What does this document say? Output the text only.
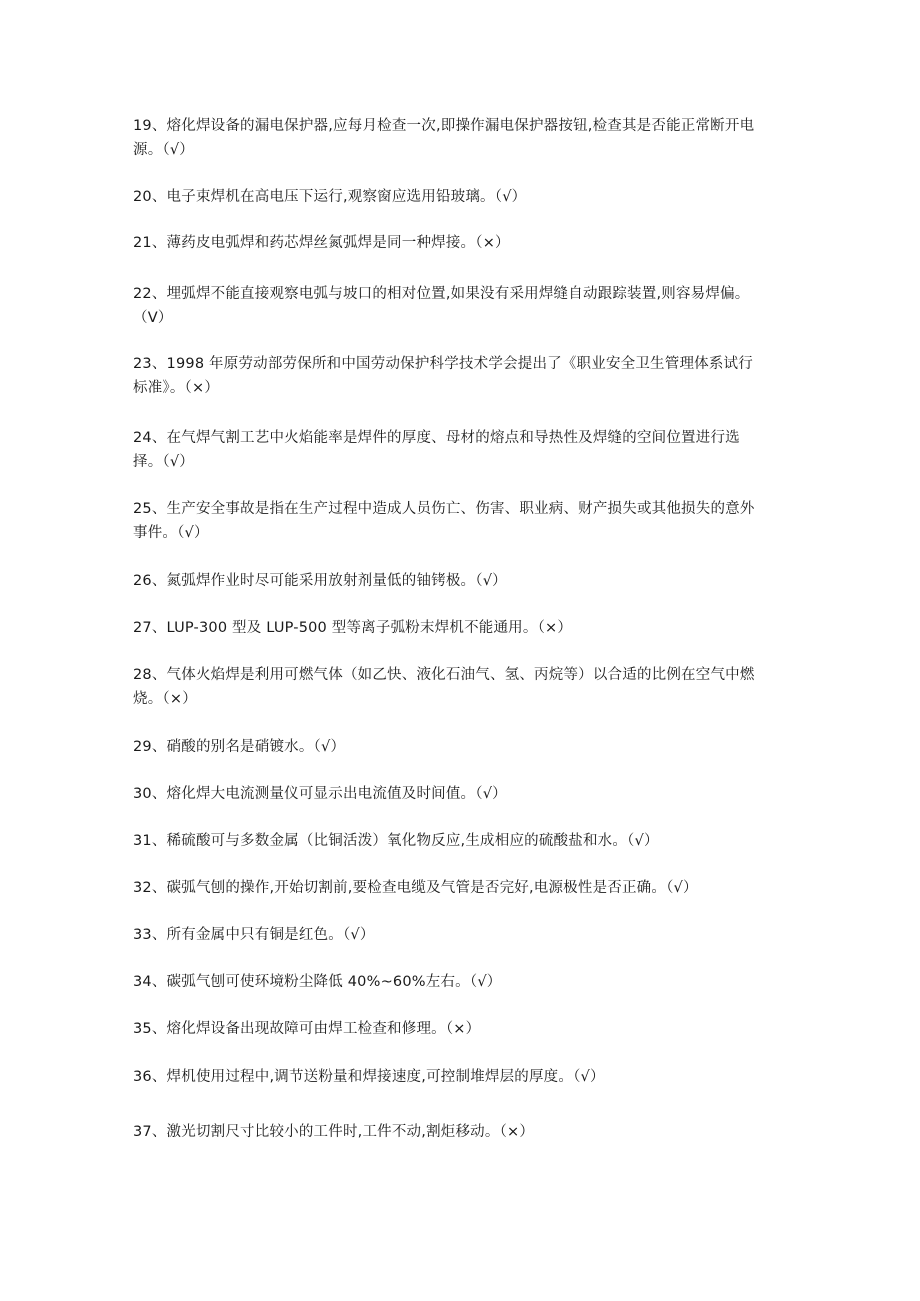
19、熔化焊设备的漏电保护器,应每月检查一次,即操作漏电保护器按钮,检查其是否能正常断开电
源。（√）
20、电子束焊机在高电压下运行,观察窗应选用铅玻璃。（√）
21、薄药皮电弧焊和药芯焊丝氮弧焊是同一种焊接。（×）
22、埋弧焊不能直接观察电弧与坡口的相对位置,如果没有采用焊缝自动跟踪装置,则容易焊偏。
（V）
23、1998 年原劳动部劳保所和中国劳动保护科学技术学会提出了《职业安全卫生管理体系试行
标准》。（×）
24、在气焊气割工艺中火焰能率是焊件的厚度、母材的熔点和导热性及焊缝的空间位置进行选
择。（√）
25、生产安全事故是指在生产过程中造成人员伤亡、伤害、职业病、财产损失或其他损失的意外
事件。（√）
26、氮弧焊作业时尽可能采用放射剂量低的铀铐极。（√）
27、LUP-300 型及 LUP-500 型等离子弧粉末焊机不能通用。（×）
28、气体火焰焊是利用可燃气体（如乙快、液化石油气、氢、丙烷等）以合适的比例在空气中燃
烧。（×）
29、硝酸的别名是硝镀水。（√）
30、熔化焊大电流测量仪可显示出电流值及时间值。（√）
31、稀硫酸可与多数金属（比铜活泼）氧化物反应,生成相应的硫酸盐和水。（√）
32、碳弧气刨的操作,开始切割前,要检查电缆及气管是否完好,电源极性是否正确。（√）
33、所有金属中只有铜是红色。（√）
34、碳弧气刨可使环境粉尘降低 40%~60%左右。（√）
35、熔化焊设备出现故障可由焊工检查和修理。（×）
36、焊机使用过程中,调节送粉量和焊接速度,可控制堆焊层的厚度。（√）
37、激光切割尺寸比较小的工件时,工件不动,割炬移动。（×）
